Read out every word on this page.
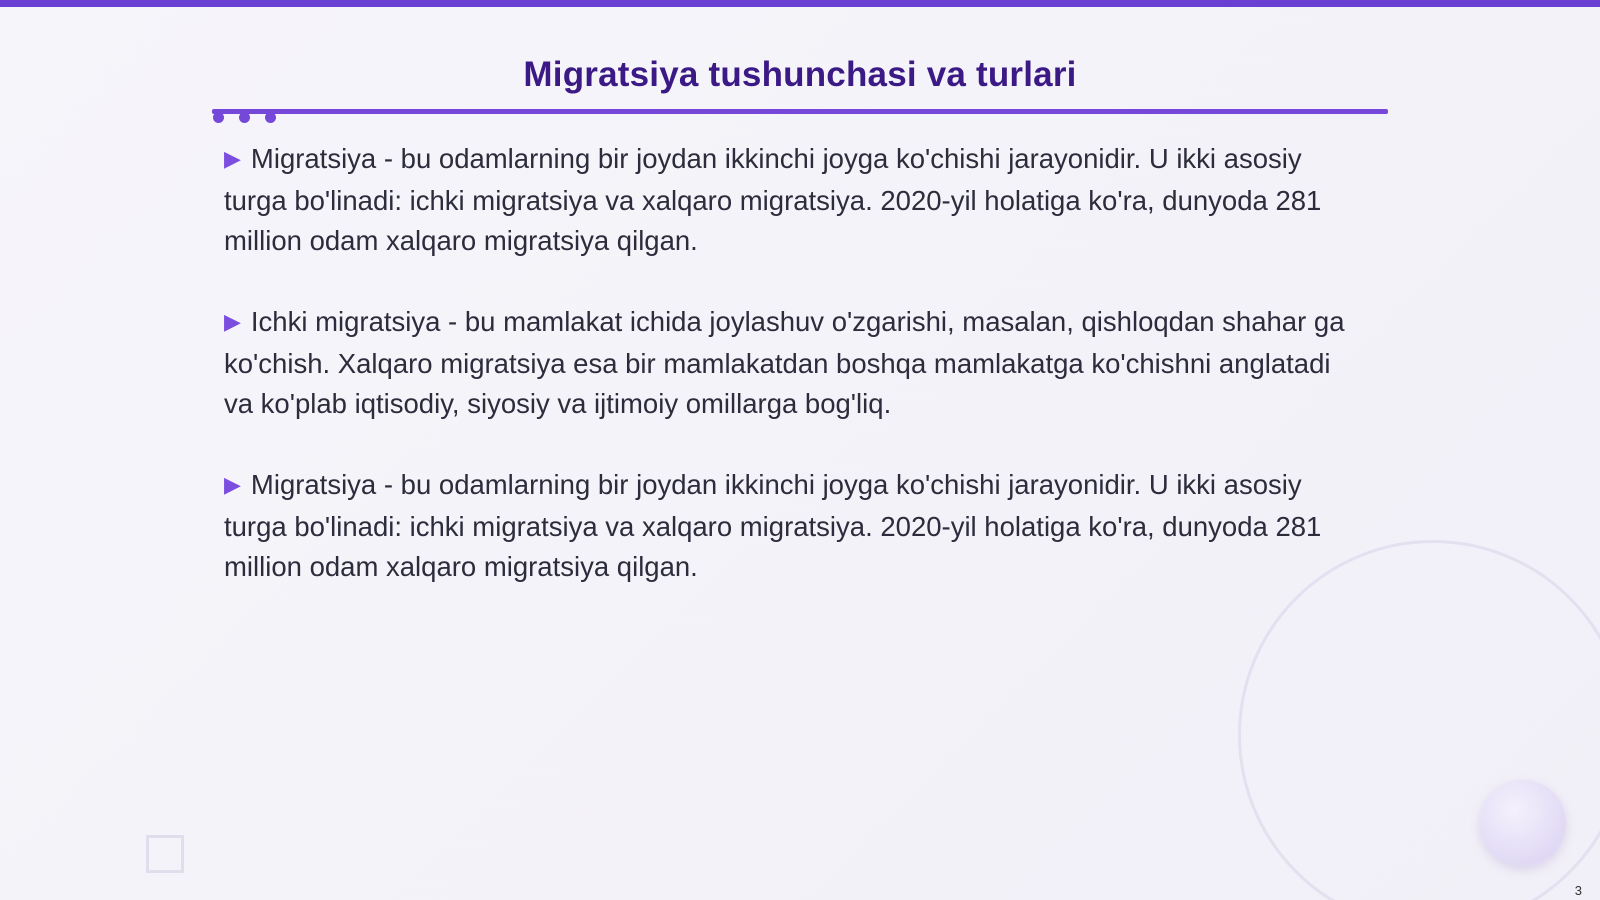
Migratsiya tushunchasi va turlari

▶ Migratsiya - bu odamlarning bir joydan ikkinchi joyga ko'chishi jarayonidir. U ikki asosiy turga bo'linadi: ichki migratsiya va xalqaro migratsiya. 2020-yil holatiga ko'ra, dunyoda 281 million odam xalqaro migratsiya qilgan.

▶ Ichki migratsiya - bu mamlakat ichida joylashuv o'zgarishi, masalan, qishloqdan shahar ga ko'chish. Xalqaro migratsiya esa bir mamlakatdan boshqa mamlakatga ko'chishni anglatadi va ko'plab iqtisodiy, siyosiy va ijtimoiy omillarga bog'liq.

▶ Migratsiya - bu odamlarning bir joydan ikkinchi joyga ko'chishi jarayonidir. U ikki asosiy turga bo'linadi: ichki migratsiya va xalqaro migratsiya. 2020-yil holatiga ko'ra, dunyoda 281 million odam xalqaro migratsiya qilgan.

3
